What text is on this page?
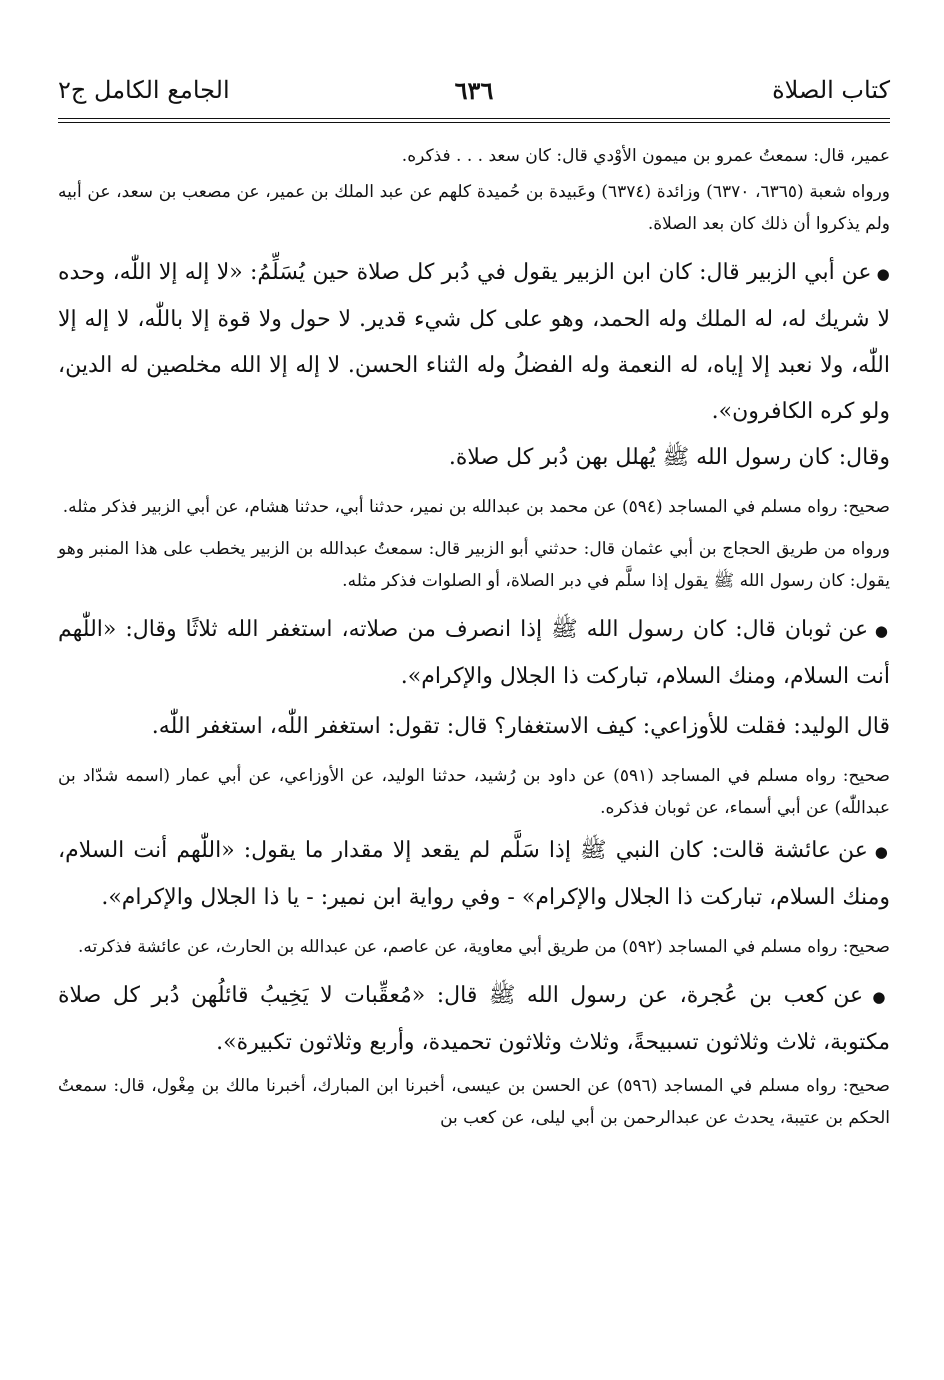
كتاب الصلاة
٦٣٦
الجامع الكامل ج٢

عمير، قال: سمعتُ عمرو بن ميمون الأوْدي قال: كان سعد . . . فذكره.

ورواه شعبة (٦٣٦٥، ٦٣٧٠) وزائدة (٦٣٧٤) وعَبيدة بن حُميدة كلهم عن عبد الملك بن عمير، عن مصعب بن سعد، عن أبيه ولم يذكروا أن ذلك كان بعد الصلاة.

● عن أبي الزبير قال: كان ابن الزبير يقول في دُبر كل صلاة حين يُسَلِّمُ: «لا إله إلا اللّٰه، وحده لا شريك له، له الملك وله الحمد، وهو على كل شيء قدير. لا حول ولا قوة إلا باللّٰه، لا إله إلا اللّٰه، ولا نعبد إلا إياه، له النعمة وله الفضلُ وله الثناء الحسن. لا إله إلا الله مخلصين له الدين، ولو كره الكافرون».

وقال: كان رسول الله ﷺ يُهلل بهن دُبر كل صلاة.

صحيح: رواه مسلم في المساجد (٥٩٤) عن محمد بن عبدالله بن نمير، حدثنا أبي، حدثنا هشام، عن أبي الزبير فذكر مثله.

ورواه من طريق الحجاج بن أبي عثمان قال: حدثني أبو الزبير قال: سمعتُ عبدالله بن الزبير يخطب على هذا المنبر وهو يقول: كان رسول الله ﷺ يقول إذا سلَّم في دبر الصلاة، أو الصلوات فذكر مثله.

● عن ثوبان قال: كان رسول الله ﷺ إذا انصرف من صلاته، استغفر الله ثلاثًا وقال: «اللّٰهم أنت السلام، ومنك السلام، تباركت ذا الجلال والإكرام».

قال الوليد: فقلت للأوزاعي: كيف الاستغفار؟ قال: تقول: استغفر اللّٰه، استغفر اللّٰه.

صحيح: رواه مسلم في المساجد (٥٩١) عن داود بن رُشيد، حدثنا الوليد، عن الأوزاعي، عن أبي عمار (اسمه شدّاد بن عبداللّٰه) عن أبي أسماء، عن ثوبان فذكره.

● عن عائشة قالت: كان النبي ﷺ إذا سَلَّم لم يقعد إلا مقدار ما يقول: «اللّٰهم أنت السلام، ومنك السلام، تباركت ذا الجلال والإكرام» - وفي رواية ابن نمير: - يا ذا الجلال والإكرام».

صحيح: رواه مسلم في المساجد (٥٩٢) من طريق أبي معاوية، عن عاصم، عن عبدالله بن الحارث، عن عائشة فذكرته.

● عن كعب بن عُجرة، عن رسول الله ﷺ قال: «مُعقِّبات لا يَخِيبُ قائلُهن دُبر كل صلاة مكتوبة، ثلاث وثلاثون تسبيحةً، وثلاث وثلاثون تحميدة، وأربع وثلاثون تكبيرة».

صحيح: رواه مسلم في المساجد (٥٩٦) عن الحسن بن عيسى، أخبرنا ابن المبارك، أخبرنا مالك بن مِغْول، قال: سمعتُ الحكم بن عتيبة، يحدث عن عبدالرحمن بن أبي ليلى، عن كعب بن
